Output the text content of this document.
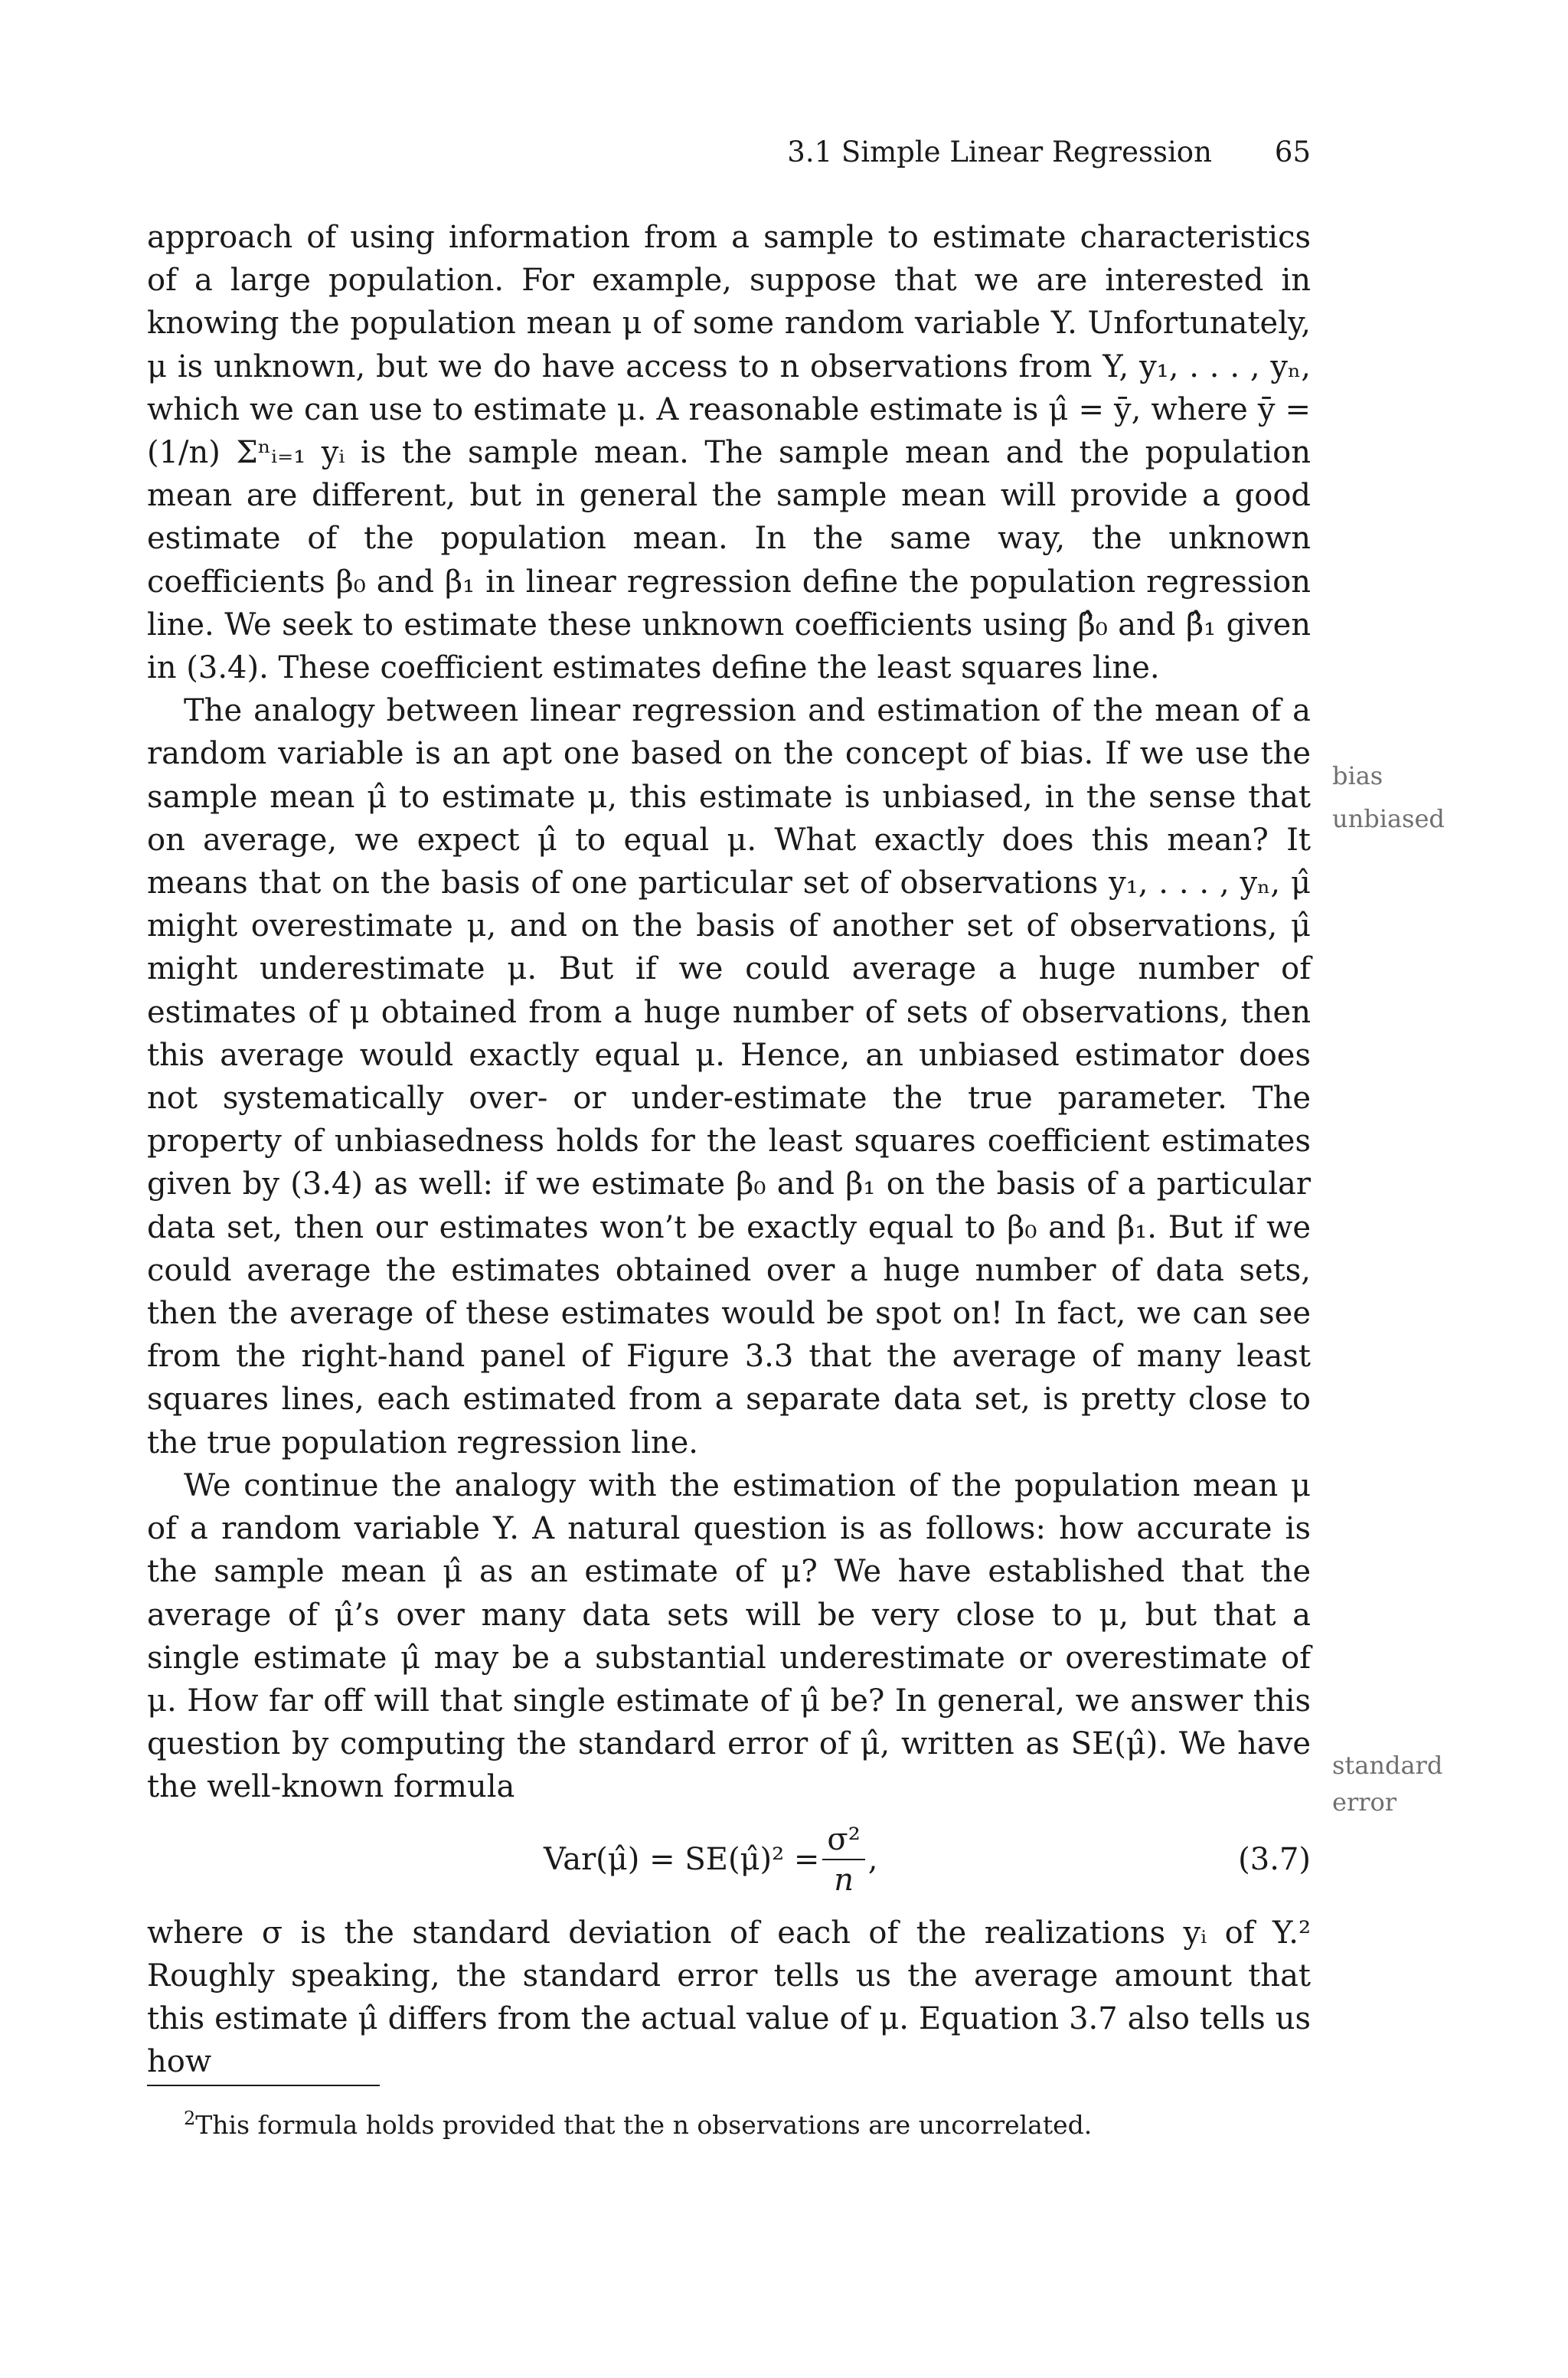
3.1 Simple Linear Regression 65

approach of using information from a sample to estimate characteristics of a large population. For example, suppose that we are interested in knowing the population mean μ of some random variable Y. Unfortunately, μ is unknown, but we do have access to n observations from Y, y₁, . . . , yₙ, which we can use to estimate μ. A reasonable estimate is μ̂ = ȳ, where ȳ = (1/n) Σⁿᵢ₌₁ yᵢ is the sample mean. The sample mean and the population mean are different, but in general the sample mean will provide a good estimate of the population mean. In the same way, the unknown coefficients β₀ and β₁ in linear regression define the population regression line. We seek to estimate these unknown coefficients using β̂₀ and β̂₁ given in (3.4). These coefficient estimates define the least squares line.

The analogy between linear regression and estimation of the mean of a random variable is an apt one based on the concept of bias. If we use the sample mean μ̂ to estimate μ, this estimate is unbiased, in the sense that on average, we expect μ̂ to equal μ. What exactly does this mean? It means that on the basis of one particular set of observations y₁, . . . , yₙ, μ̂ might overestimate μ, and on the basis of another set of observations, μ̂ might underestimate μ. But if we could average a huge number of estimates of μ obtained from a huge number of sets of observations, then this average would exactly equal μ. Hence, an unbiased estimator does not systematically over- or under-estimate the true parameter. The property of unbiasedness holds for the least squares coefficient estimates given by (3.4) as well: if we estimate β₀ and β₁ on the basis of a particular data set, then our estimates won’t be exactly equal to β₀ and β₁. But if we could average the estimates obtained over a huge number of data sets, then the average of these estimates would be spot on! In fact, we can see from the right-hand panel of Figure 3.3 that the average of many least squares lines, each estimated from a separate data set, is pretty close to the true population regression line.

We continue the analogy with the estimation of the population mean μ of a random variable Y. A natural question is as follows: how accurate is the sample mean μ̂ as an estimate of μ? We have established that the average of μ̂’s over many data sets will be very close to μ, but that a single estimate μ̂ may be a substantial underestimate or overestimate of μ. How far off will that single estimate of μ̂ be? In general, we answer this question by computing the standard error of μ̂, written as SE(μ̂). We have the well-known formula

Var(μ̂) = SE(μ̂)² = $\frac{\text{σ²}}{n}$ ,	(3.7)

where σ is the standard deviation of each of the realizations yᵢ of Y.² Roughly speaking, the standard error tells us the average amount that this estimate μ̂ differs from the actual value of μ. Equation 3.7 also tells us how

bias
unbiased
standard
error
$^2$This formula holds provided that the n observations are uncorrelated.
